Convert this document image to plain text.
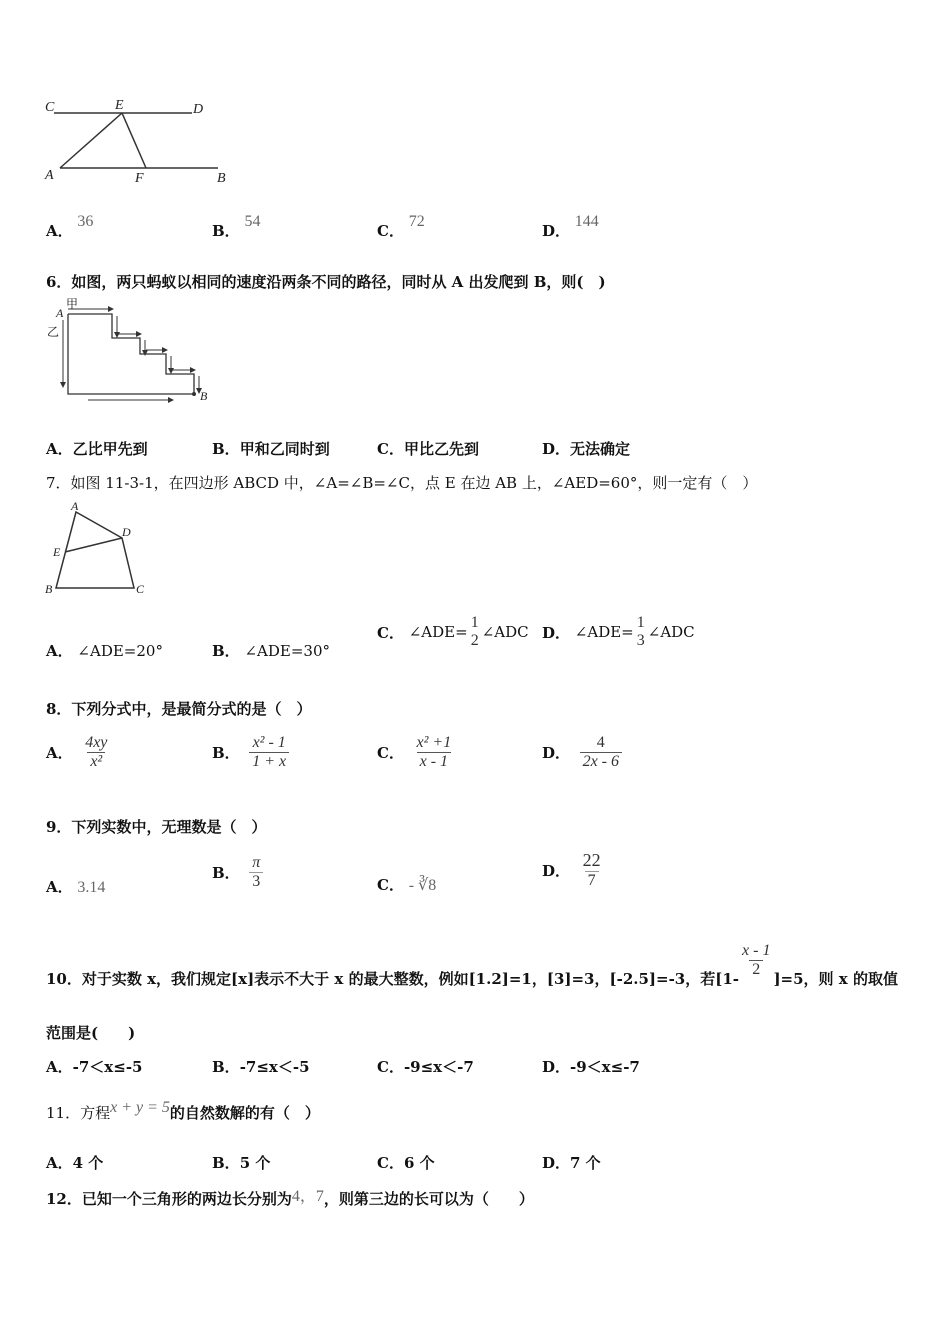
C	E	D
A	F	B
A． 36
B． 54
C． 72
D． 144
6．如图，两只蚂蚁以相同的速度沿两条不同的路径，同时从 A 出发爬到 B，则(　)
甲
A
乙
B
A．乙比甲先到	B．甲和乙同时到	C．甲比乙先到	D．无法确定
7．如图 11-3-1，在四边形 ABCD 中，∠A=∠B=∠C，点 E 在边 AB 上，∠AED=60°，则一定有（　）
A
D
E
B	C
A． ∠ADE=20°	B． ∠ADE=30°
C．
∠ADE=
1
2 ∠ADC D．
∠ADE=
1
3 ∠ADC
8．下列分式中，是最简分式的是（　）
A．
$\frac{4xy}{\text{x²}}$	B．
$\frac{\text{x² - 1}}{1 + x}$	C．
$\frac{\text{x² +1}}{x - 1}$	D．
$\frac{4}{2x - 6}$
9．下列实数中，无理数是（　）
A． 3.14
B．
$\frac{\pi}{3}$	C． - ∛8
D．
$\frac{22}{7}$
10．对于实数 x，我们规定[x]表示不大于 x 的最大整数，例如[1.2]=1，[3]=3，[-2.5]=-3，若$[1- \frac{x - 1}{2} ]=5$，则 x 的取值
范围是(　　)
A．-7＜x≤-5	B．-7≤x＜-5	C．-9≤x＜-7	D．-9＜x≤-7
11．方程x + y = 5的自然数解的有（　）
A．4 个	B．5 个	C．6 个	D．7 个
12．已知一个三角形的两边长分别为4，7，则第三边的长可以为（　　）
